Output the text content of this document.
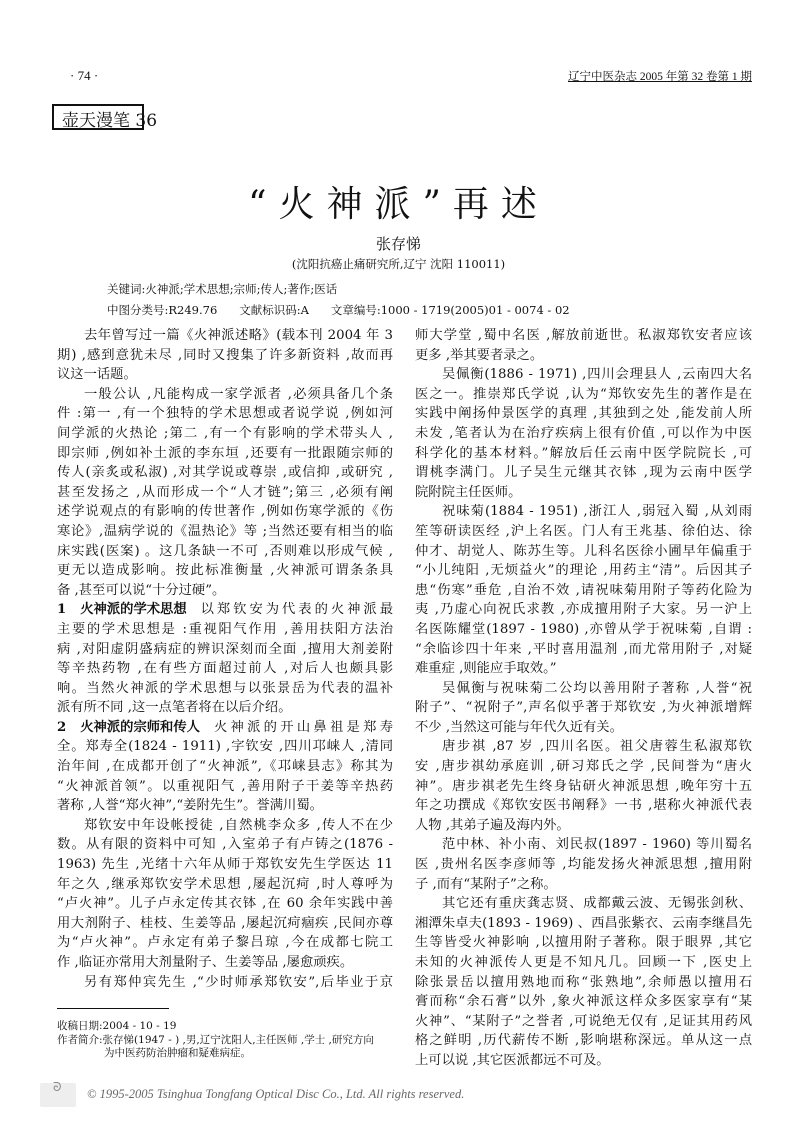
· 74 ·	辽宁中医杂志 2005 年第 32 卷第 1 期
壶天漫笔 36
“火神派”再述
张存悌
(沈阳抗癌止痛研究所,辽宁 沈阳 110011)
关键词:火神派;学术思想;宗师;传人;著作;医话
中图分类号:R249.76      文献标识码:A      文章编号:1000 - 1719(2005)01 - 0074 - 02
去年曾写过一篇《火神派述略》(载本刊 2004 年 3
期) ,感到意犹未尽 ,同时又搜集了许多新资料 ,故而再
议这一话题。
一般公认 ,凡能构成一家学派者 ,必须具备几个条
件 :第一 ,有一个独特的学术思想或者说学说 ,例如河
间学派的火热论 ;第二 ,有一个有影响的学术带头人 ,
即宗师 ,例如补土派的李东垣 ,还要有一批跟随宗师的
传人(亲炙或私淑) ,对其学说或尊崇 ,或信抑 ,或研究 ,
甚至发扬之 ,从而形成一个“人才链”;第三 ,必须有阐
述学说观点的有影响的传世著作 ,例如伤寒学派的《伤
寒论》,温病学说的《温热论》等 ;当然还要有相当的临
床实践(医案) 。这几条缺一不可 ,否则难以形成气候 ,
更无以造成影响。按此标准衡量 ,火神派可谓条条具
备 ,甚至可以说“十分过硬”。
1 火神派的学术思想 以郑钦安为代表的火神派最
主要的学术思想是 :重视阳气作用 ,善用扶阳方法治
病 ,对阳虚阴盛病症的辨识深刻而全面 ,擅用大剂姜附
等辛热药物 ,在有些方面超过前人 ,对后人也颇具影
响。当然火神派的学术思想与以张景岳为代表的温补
派有所不同 ,这一点笔者将在以后介绍。
2 火神派的宗师和传人 火神派的开山鼻祖是郑寿
全。郑寿全(1824 - 1911) ,字钦安 ,四川邛崃人 ,清同
治年间 ,在成都开创了“火神派”,《邛崃县志》称其为
“火神派首领”。以重视阳气 ,善用附子干姜等辛热药
著称 ,人誉“郑火神”,“姜附先生”。誉满川蜀。
郑钦安中年设帐授徒 ,自然桃李众多 ,传人不在少
数。从有限的资料中可知 ,入室弟子有卢铸之(1876 -
1963) 先生 ,光绪十六年从师于郑钦安先生学医达 11
年之久 ,继承郑钦安学术思想 ,屡起沉疴 ,时人尊呼为
“卢火神”。儿子卢永定传其衣钵 ,在 60 余年实践中善
用大剂附子、桂枝、生姜等品 ,屡起沉疴痼疾 ,民间亦尊
为“卢火神”。卢永定有弟子黎吕琼 ,今在成都七院工
作 ,临证亦常用大剂量附子、生姜等品 ,屡愈顽疾。
另有郑仲宾先生 ,“少时师承郑钦安”,后毕业于京
师大学堂 ,蜀中名医 ,解放前逝世。私淑郑钦安者应该
更多 ,举其要者录之。
吴佩衡(1886 - 1971) ,四川会理县人 ,云南四大名
医之一。推崇郑氏学说 ,认为“郑钦安先生的著作是在
实践中阐扬仲景医学的真理 ,其独到之处 ,能发前人所
未发 ,笔者认为在治疗疾病上很有价值 ,可以作为中医
科学化的基本材料。”解放后任云南中医学院院长 ,可
谓桃李满门。儿子吴生元继其衣钵 ,现为云南中医学
院附院主任医师。
祝味菊(1884 - 1951) ,浙江人 ,弱冠入蜀 ,从刘雨
笙等研读医经 ,沪上名医。门人有王兆基、徐伯达、徐
仲才、胡觉人、陈苏生等。儿科名医徐小圃早年偏重于
“小儿纯阳 ,无烦益火”的理论 ,用药主“清”。后因其子
患“伤寒”垂危 ,自治不效 ,请祝味菊用附子等药化险为
夷 ,乃虚心向祝氏求教 ,亦成擅用附子大家。另一沪上
名医陈耀堂(1897 - 1980) ,亦曾从学于祝味菊 ,自谓 :
“余临诊四十年来 ,平时喜用温剂 ,而尤常用附子 ,对疑
难重症 ,则能应手取效。”
吴佩衡与祝味菊二公均以善用附子著称 ,人誉“祝
附子”、“祝附子”,声名似乎著于郑钦安 ,为火神派增辉
不少 ,当然这可能与年代久近有关。
唐步祺 ,87 岁 ,四川名医。祖父唐蓉生私淑郑钦
安 ,唐步祺幼承庭训 ,研习郑氏之学 ,民间誉为“唐火
神”。唐步祺老先生终身钻研火神派思想 ,晚年穷十五
年之功撰成《郑钦安医书阐释》一书 ,堪称火神派代表
人物 ,其弟子遍及海内外。
范中林、补小南、刘民叔(1897 - 1960) 等川蜀名
医 ,贵州名医李彦师等 ,均能发扬火神派思想 ,擅用附
子 ,而有“某附子”之称。
其它还有重庆龚志贤、成都戴云波、无锡张剑秋、
湘潭朱卓夫(1893 - 1969) 、西昌张紫衣、云南李继昌先
生等皆受火神影响 ,以擅用附子著称。限于眼界 ,其它
未知的火神派传人更是不知凡几。回顾一下 ,医史上
除张景岳以擅用熟地而称“张熟地”,余师愚以擅用石
膏而称“余石膏”以外 ,象火神派这样众多医家享有“某
火神”、“某附子”之誉者 ,可说绝无仅有 ,足证其用药风
格之鲜明 ,历代薪传不断 ,影响堪称深远。单从这一点
上可以说 ,其它医派都远不可及。
收稿日期:2004 - 10 - 19
作者简介:张存悌(1947 - ) ,男,辽宁沈阳人,主任医师 ,学士 ,研究方向
为中医药防治肿瘤和疑难病症。
ᘐ © 1995-2005 Tsinghua Tongfang Optical Disc Co., Ltd. All rights reserved.
